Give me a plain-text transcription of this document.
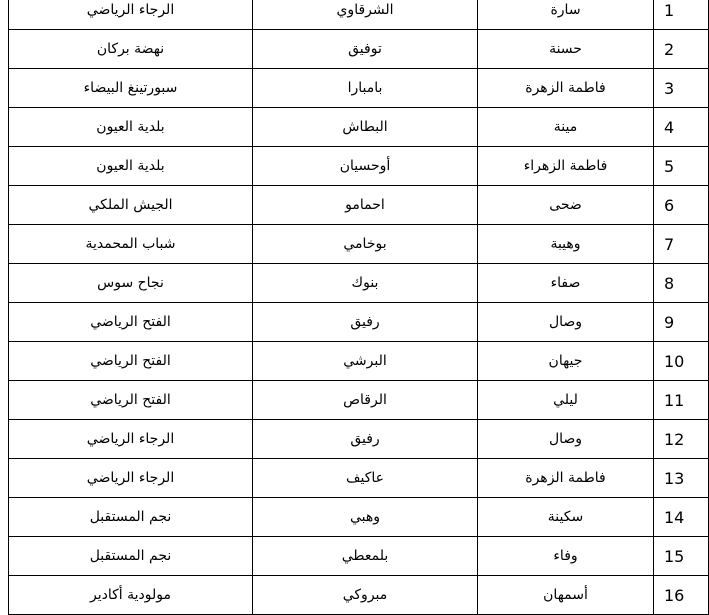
الرجاء الرياضي	الشرقاوي	سارة	1
نهضة بركان	توفيق	حسنة	2
سبورتينغ البيضاء	بامبارا	فاطمة الزهرة	3
بلدية العيون	البطاش	مينة	4
بلدية العيون	أوحسيان	فاطمة الزهراء	5
الجيش الملكي	احمامو	ضحى	6
شباب المحمدية	بوخامي	وهيبة	7
نجاح سوس	بنوك	صفاء	8
الفتح الرياضي	رفيق	وصال	9
الفتح الرياضي	البرشي	جيهان	10
الفتح الرياضي	الرقاص	ليلي	11
الرجاء الرياضي	رفيق	وصال	12
الرجاء الرياضي	عاكيف	فاطمة الزهرة	13
نجم المستقبل	وهبي	سكينة	14
نجم المستقبل	بلمعطي	وفاء	15
مولودية أكادير	مبروكي	أسمهان	16
